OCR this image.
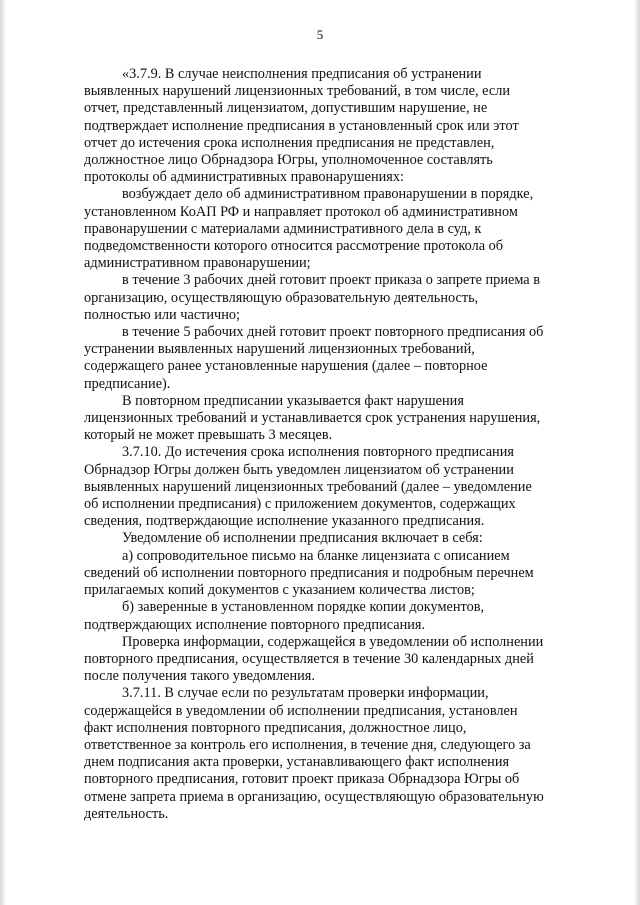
5

«3.7.9. В случае неисполнения предписания об устранении
выявленных нарушений лицензионных требований, в том числе, если
отчет, представленный лицензиатом, допустившим нарушение, не
подтверждает исполнение предписания в установленный срок или этот
отчет до истечения срока исполнения предписания не представлен,
должностное лицо Обрнадзора Югры, уполномоченное составлять
протоколы об административных правонарушениях:

возбуждает дело об административном правонарушении в порядке,
установленном КоАП РФ и направляет протокол об административном
правонарушении с материалами административного дела в суд, к
подведомственности которого относится рассмотрение протокола об
административном правонарушении;

в течение 3 рабочих дней готовит проект приказа о запрете приема в
организацию, осуществляющую образовательную деятельность,
полностью или частично;

в течение 5 рабочих дней готовит проект повторного предписания об
устранении выявленных нарушений лицензионных требований,
содержащего ранее установленные нарушения (далее – повторное
предписание).

В повторном предписании указывается факт нарушения
лицензионных требований и устанавливается срок устранения нарушения,
который не может превышать 3 месяцев.

3.7.10. До истечения срока исполнения повторного предписания
Обрнадзор Югры должен быть уведомлен лицензиатом об устранении
выявленных нарушений лицензионных требований (далее – уведомление
об исполнении предписания) с приложением документов, содержащих
сведения, подтверждающие исполнение указанного предписания.

Уведомление об исполнении предписания включает в себя:

а) сопроводительное письмо на бланке лицензиата с описанием
сведений об исполнении повторного предписания и подробным перечнем
прилагаемых копий документов с указанием количества листов;

б) заверенные в установленном порядке копии документов,
подтверждающих исполнение повторного предписания.

Проверка информации, содержащейся в уведомлении об исполнении
повторного предписания, осуществляется в течение 30 календарных дней
после получения такого уведомления.

3.7.11. В случае если по результатам проверки информации,
содержащейся в уведомлении об исполнении предписания, установлен
факт исполнения повторного предписания, должностное лицо,
ответственное за контроль его исполнения, в течение дня, следующего за
днем подписания акта проверки, устанавливающего факт исполнения
повторного предписания, готовит проект приказа Обрнадзора Югры об
отмене запрета приема в организацию, осуществляющую образовательную
деятельность.
